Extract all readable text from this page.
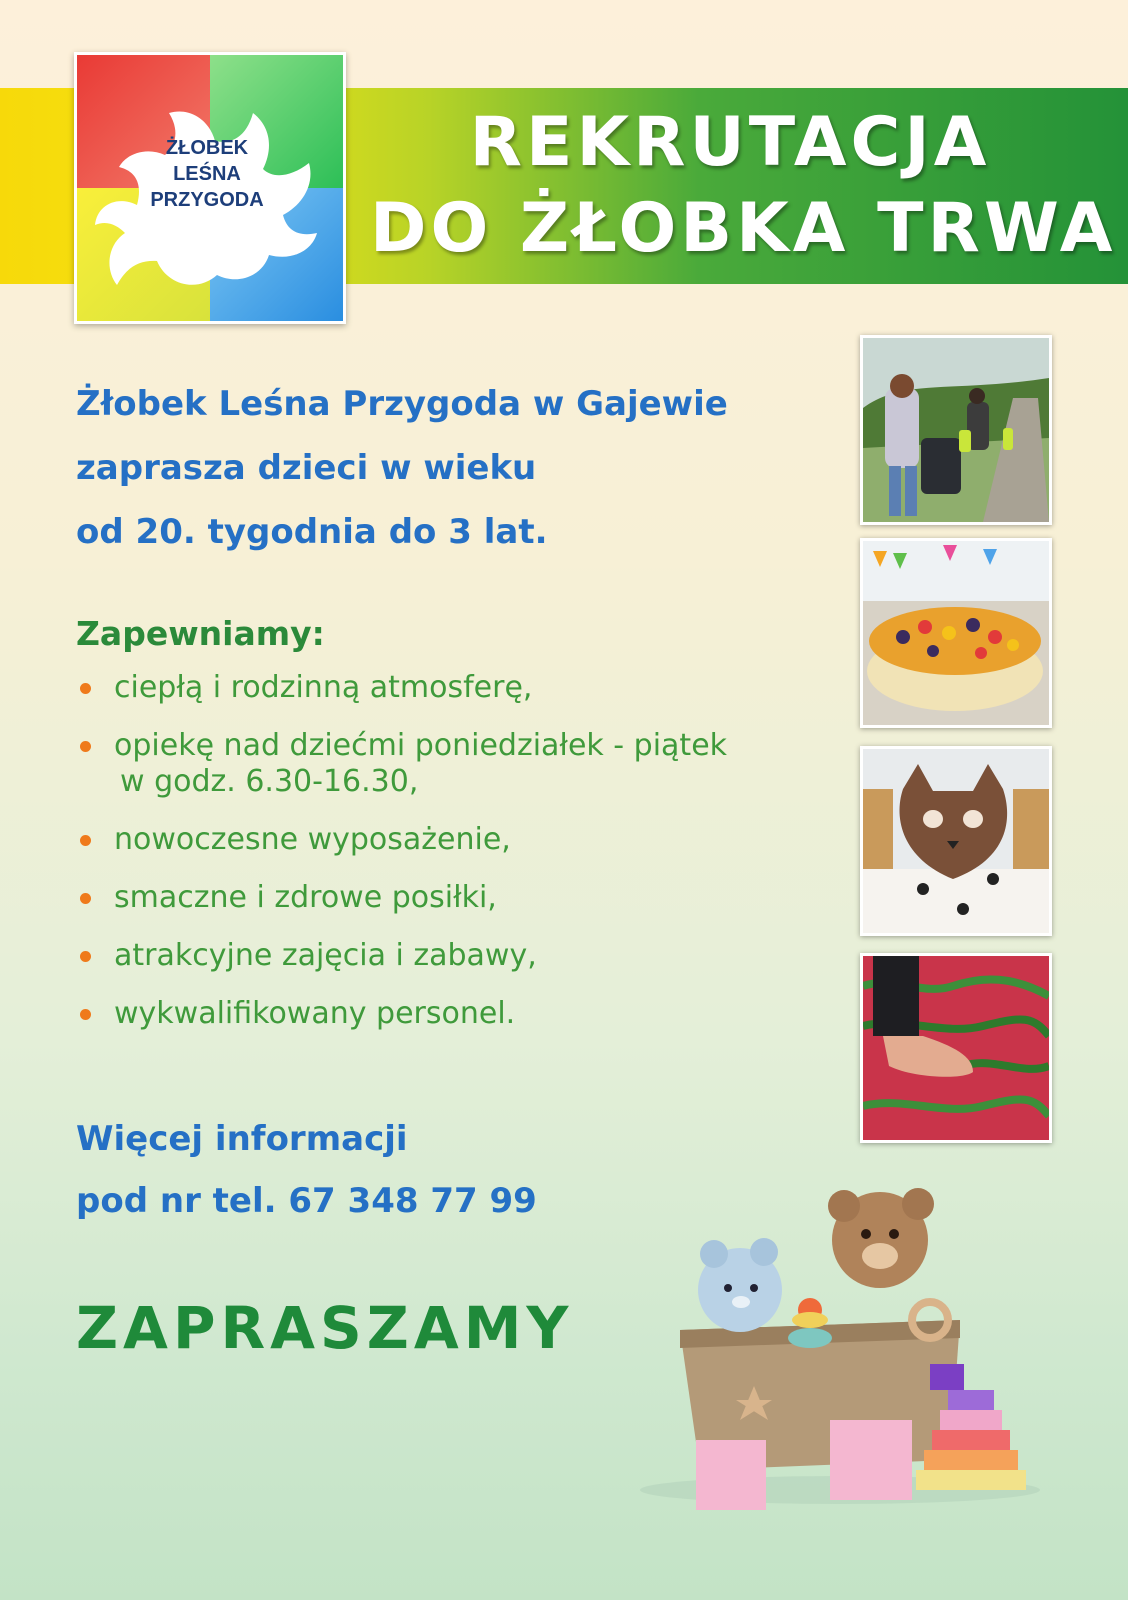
REKRUTACJA
DO ŻŁOBKA TRWA
ŻŁOBEK
LEŚNA
PRZYGODA
Żłobek Leśna Przygoda w Gajewie
zaprasza dzieci w wieku
od 20. tygodnia do 3 lat.
Zapewniamy:
ciepłą i rodzinną atmosferę,
opiekę nad dziećmi poniedziałek - piątek
w godz. 6.30-16.30,
nowoczesne wyposażenie,
smaczne i zdrowe posiłki,
atrakcyjne zajęcia i zabawy,
wykwalifikowany personel.
Więcej informacji
pod nr tel. 67 348 77 99
ZAPRASZAMY
